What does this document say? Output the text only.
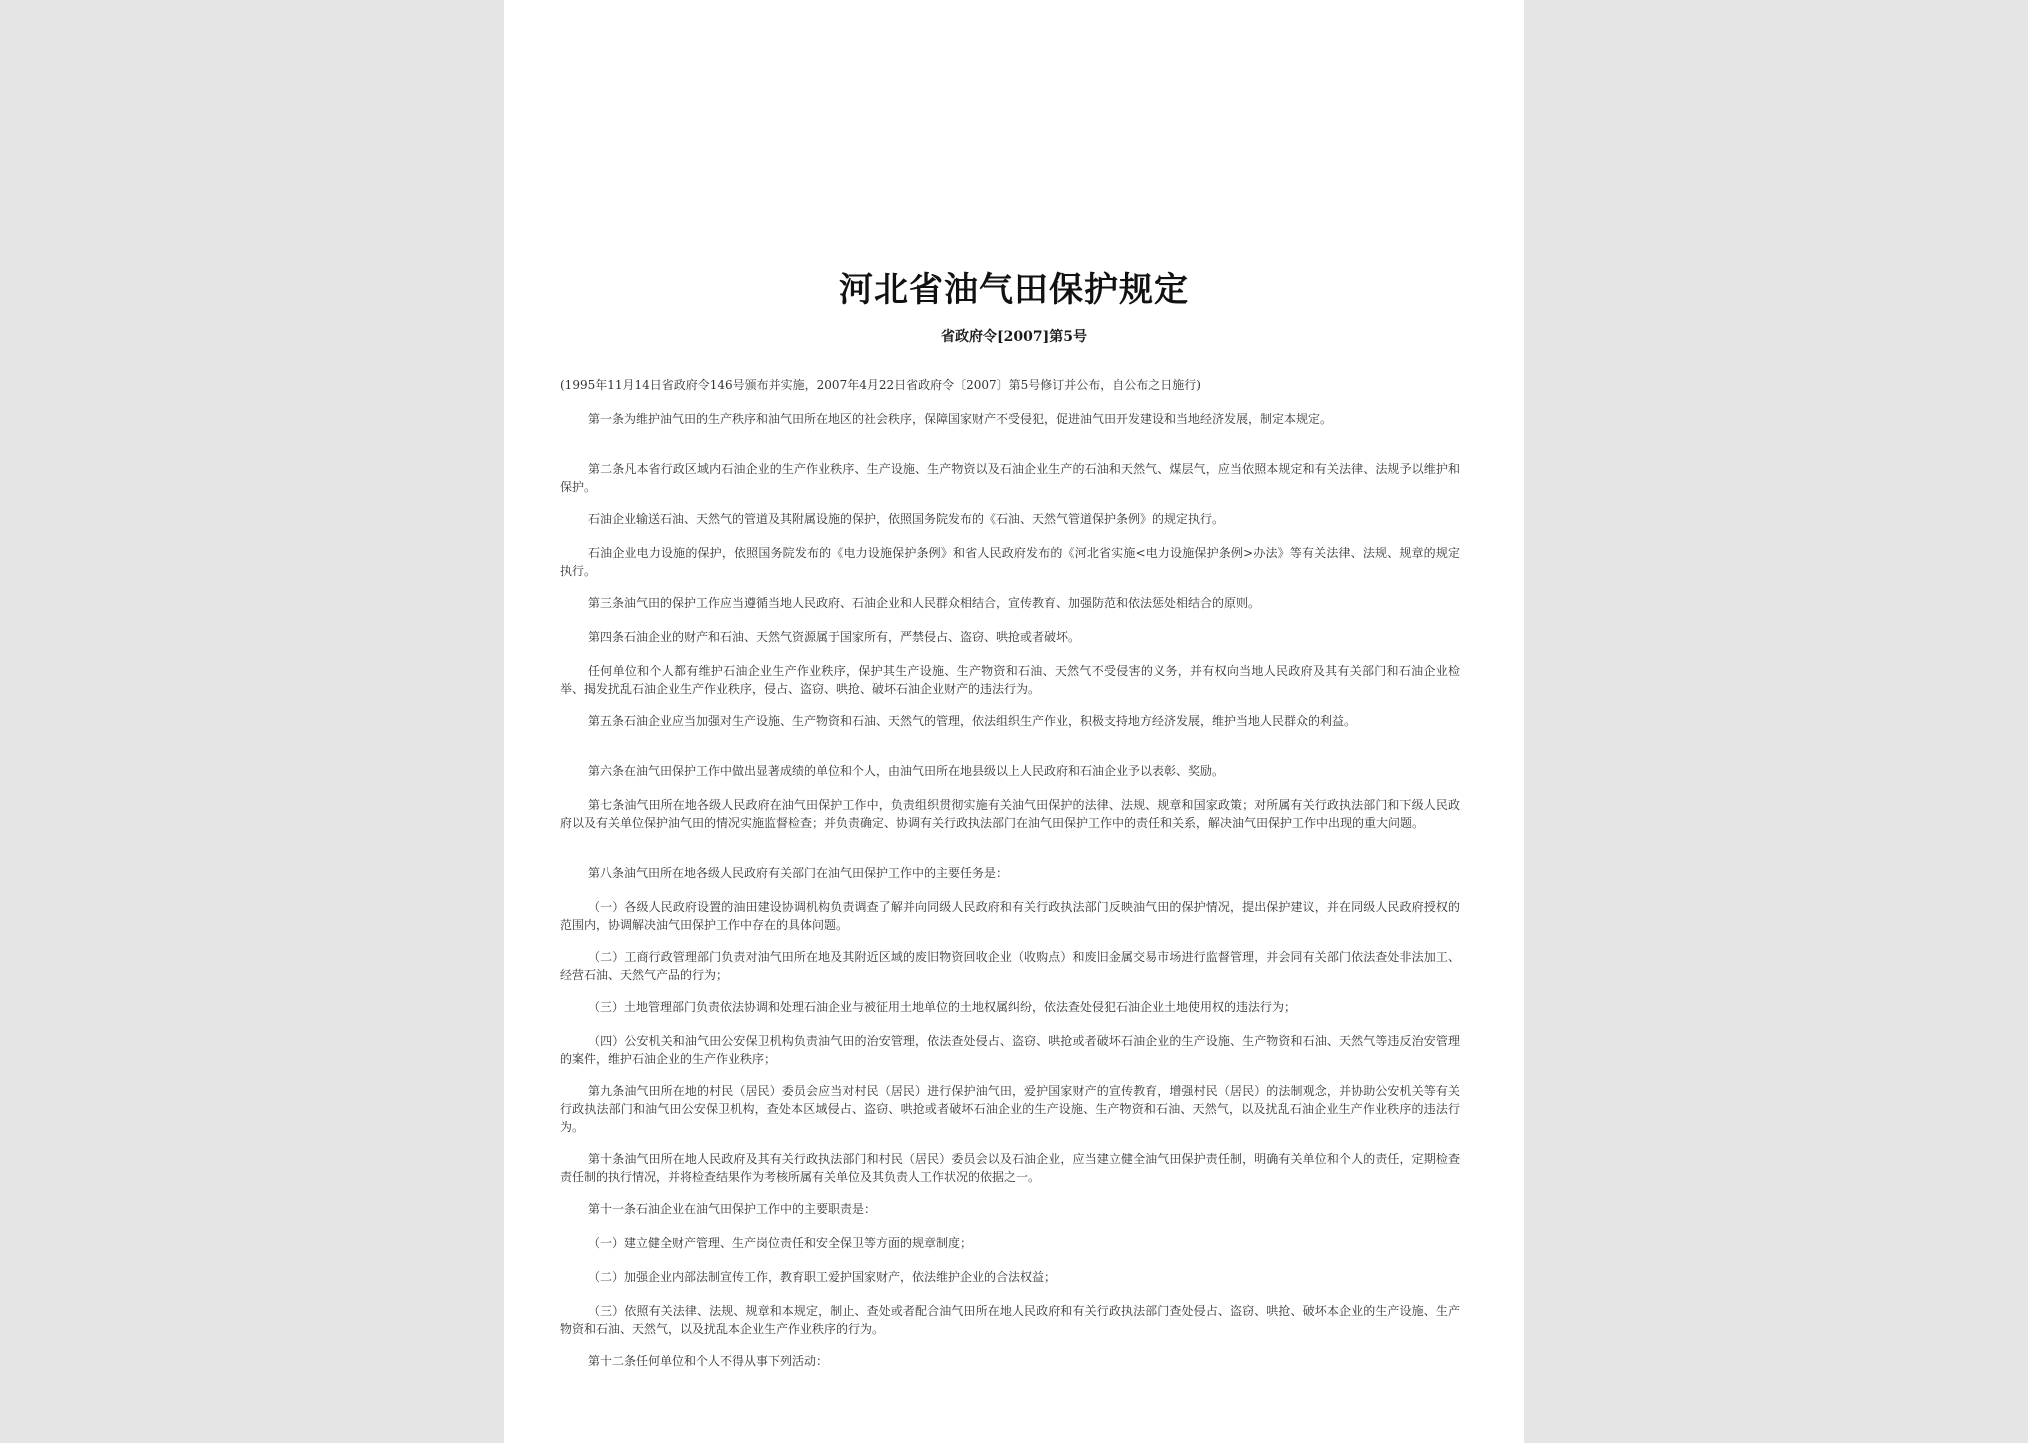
河北省油气田保护规定
省政府令[2007]第5号

(1995年11月14日省政府令146号颁布并实施，2007年4月22日省政府令〔2007〕第5号修订并公布，自公布之日施行)

第一条为维护油气田的生产秩序和油气田所在地区的社会秩序，保障国家财产不受侵犯，促进油气田开发建设和当地经济发展，制定本规定。

第二条凡本省行政区域内石油企业的生产作业秩序、生产设施、生产物资以及石油企业生产的石油和天然气、煤层气，应当依照本规定和有关法律、法规予以维护和保护。

石油企业输送石油、天然气的管道及其附属设施的保护，依照国务院发布的《石油、天然气管道保护条例》的规定执行。

石油企业电力设施的保护，依照国务院发布的《电力设施保护条例》和省人民政府发布的《河北省实施<电力设施保护条例>办法》等有关法律、法规、规章的规定执行。

第三条油气田的保护工作应当遵循当地人民政府、石油企业和人民群众相结合，宣传教育、加强防范和依法惩处相结合的原则。

第四条石油企业的财产和石油、天然气资源属于国家所有，严禁侵占、盗窃、哄抢或者破坏。

任何单位和个人都有维护石油企业生产作业秩序，保护其生产设施、生产物资和石油、天然气不受侵害的义务，并有权向当地人民政府及其有关部门和石油企业检举、揭发扰乱石油企业生产作业秩序，侵占、盗窃、哄抢、破坏石油企业财产的违法行为。

第五条石油企业应当加强对生产设施、生产物资和石油、天然气的管理，依法组织生产作业，积极支持地方经济发展，维护当地人民群众的利益。

第六条在油气田保护工作中做出显著成绩的单位和个人，由油气田所在地县级以上人民政府和石油企业予以表彰、奖励。

第七条油气田所在地各级人民政府在油气田保护工作中，负责组织贯彻实施有关油气田保护的法律、法规、规章和国家政策；对所属有关行政执法部门和下级人民政府以及有关单位保护油气田的情况实施监督检查；并负责确定、协调有关行政执法部门在油气田保护工作中的责任和关系，解决油气田保护工作中出现的重大问题。

第八条油气田所在地各级人民政府有关部门在油气田保护工作中的主要任务是：

（一）各级人民政府设置的油田建设协调机构负责调查了解并向同级人民政府和有关行政执法部门反映油气田的保护情况，提出保护建议，并在同级人民政府授权的范围内，协调解决油气田保护工作中存在的具体问题。

（二）工商行政管理部门负责对油气田所在地及其附近区域的废旧物资回收企业（收购点）和废旧金属交易市场进行监督管理，并会同有关部门依法查处非法加工、经营石油、天然气产品的行为；

（三）土地管理部门负责依法协调和处理石油企业与被征用土地单位的土地权属纠纷，依法查处侵犯石油企业土地使用权的违法行为；

（四）公安机关和油气田公安保卫机构负责油气田的治安管理，依法查处侵占、盗窃、哄抢或者破坏石油企业的生产设施、生产物资和石油、天然气等违反治安管理的案件，维护石油企业的生产作业秩序；

第九条油气田所在地的村民（居民）委员会应当对村民（居民）进行保护油气田，爱护国家财产的宣传教育，增强村民（居民）的法制观念，并协助公安机关等有关行政执法部门和油气田公安保卫机构，查处本区域侵占、盗窃、哄抢或者破坏石油企业的生产设施、生产物资和石油、天然气，以及扰乱石油企业生产作业秩序的违法行为。

第十条油气田所在地人民政府及其有关行政执法部门和村民（居民）委员会以及石油企业，应当建立健全油气田保护责任制，明确有关单位和个人的责任，定期检查责任制的执行情况，并将检查结果作为考核所属有关单位及其负责人工作状况的依据之一。

第十一条石油企业在油气田保护工作中的主要职责是：

（一）建立健全财产管理、生产岗位责任和安全保卫等方面的规章制度；

（二）加强企业内部法制宣传工作，教育职工爱护国家财产，依法维护企业的合法权益；

（三）依照有关法律、法规、规章和本规定，制止、查处或者配合油气田所在地人民政府和有关行政执法部门查处侵占、盗窃、哄抢、破坏本企业的生产设施、生产物资和石油、天然气，以及扰乱本企业生产作业秩序的行为。

第十二条任何单位和个人不得从事下列活动：
